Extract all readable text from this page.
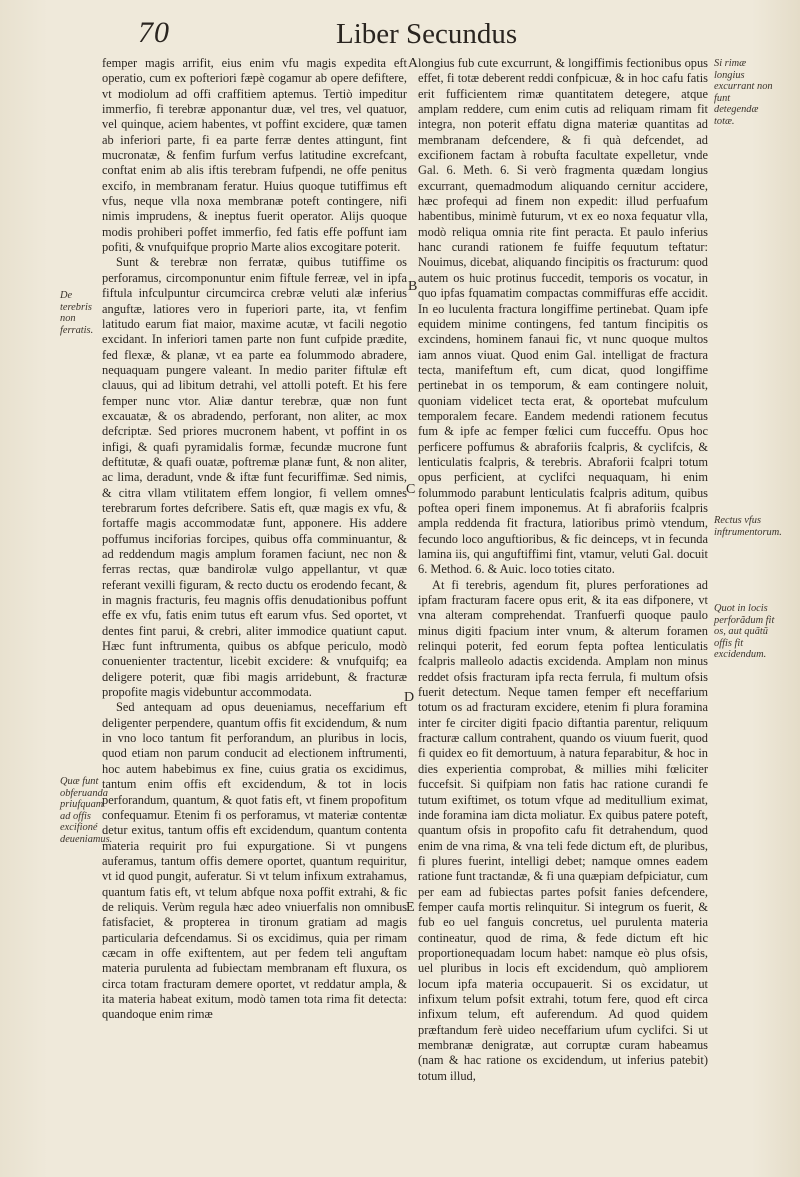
70	Liber Secundus

femper magis arrifit, eius enim vfu magis expedita eft operatio, cum ex pofteriori fæpè cogamur ab opere defiftere, vt modiolum ad offi craffitiem aptemus. Tertiò impeditur immerfio, fi terebræ apponantur duæ, vel tres, vel quatuor, vel quinque, aciem habentes, vt poffint excidere, quæ tamen ab inferiori parte, fi ea parte ferræ dentes attingunt, fint mucronatæ, & fenfim furfum verfus latitudine excrefcant, conftat enim ab alis iftis terebram fufpendi, ne offe penitus excifo, in membranam feratur. Huius quoque tutiffimus eft vfus, neque vlla noxa membranæ poteft contingere, nifi nimis imprudens, & ineptus fuerit operator. Alijs quoque modis prohiberi poffet immerfio, fed fatis effe poffunt iam pofiti, & vnufquifque proprio Marte alios excogitare poterit.

Sunt & terebræ non ferratæ, quibus tutiffime os perforamus, circomponuntur enim fiftule ferreæ, vel in ipfa fiftula infculpuntur circumcirca crebræ veluti alæ inferius anguftæ, latiores vero in fuperiori parte, ita, vt fenfim latitudo earum fiat maior, maxime acutæ, vt facili negotio excidant. In inferiori tamen parte non funt cufpide prædite, fed flexæ, & planæ, vt ea parte ea folummodo abradere, nequaquam pungere valeant. In medio pariter fiftulæ eft clauus, qui ad libitum detrahi, vel attolli poteft. Et his fere femper nunc vtor. Aliæ dantur terebræ, quæ non funt excauatæ, & os abradendo, perforant, non aliter, ac mox defcriptæ. Sed priores mucronem habent, vt poffint in os infigi, & quafi pyramidalis formæ, fecundæ mucrone funt deftitutæ, & quafi ouatæ, poftremæ planæ funt, & non aliter, ac lima, deradunt, vnde & iftæ funt fecuriffimæ. Sed nimis, & citra vllam vtilitatem effem longior, fi vellem omnes terebrarum fortes defcribere. Satis eft, quæ magis ex vfu, & fortaffe magis accommodatæ funt, apponere. His addere poffumus inciforias forcipes, quibus offa comminuantur, & ad reddendum magis amplum foramen faciunt, nec non & ferras rectas, quæ bandirolæ vulgo appellantur, vt quæ referant vexilli figuram, & recto ductu os erodendo fecant, & in magnis fracturis, feu magnis offis denudationibus poffunt effe ex vfu, fatis enim tutus eft earum vfus. Sed oportet, vt dentes fint parui, & crebri, aliter immodice quatiunt caput. Hæc funt inftrumenta, quibus os abfque periculo, modò conuenienter tractentur, licebit excidere: & vnufquifq; ea deligere poterit, quæ fibi magis arridebunt, & fracturæ propofite magis videbuntur accommodata.

Sed antequam ad opus deueniamus, neceffarium eft deligenter perpendere, quantum offis fit excidendum, & num in vno loco tantum fit perforandum, an pluribus in locis, quod etiam non parum conducit ad electionem inftrumenti, hoc autem habebimus ex fine, cuius gratia os excidimus, tantum enim offis eft excidendum, & tot in locis perforandum, quantum, & quot fatis eft, vt finem propofitum confequamur. Etenim fi os perforamus, vt materiæ contentæ detur exitus, tantum offis eft excidendum, quantum contenta materia requirit pro fui expurgatione. Si vt pungens auferamus, tantum offis demere oportet, quantum requiritur, vt id quod pungit, auferatur. Si vt telum infixum extrahamus, quantum fatis eft, vt telum abfque noxa poffit extrahi, & fic de reliquis. Verùm regula hæc adeo vniuerfalis non omnibus fatisfaciet, & propterea in tironum gratiam ad magis particularia defcendamus. Si os excidimus, quia per rimam cæcam in offe exiftentem, aut per fedem teli anguftam materia purulenta ad fubiectam membranam eft fluxura, os circa totam fracturam demere oportet, vt reddatur ampla, & ita materia habeat exitum, modò tamen tota rima fit detecta: quandoque enim rimæ

longius fub cute excurrunt, & longiffimis fectionibus opus effet, fi totæ deberent reddi confpicuæ, & in hoc cafu fatis erit fufficientem rimæ quantitatem detegere, atque amplam reddere, cum enim cutis ad reliquam rimam fit integra, non poterit effatu digna materiæ quantitas ad membranam defcendere, & fi quà defcendet, ad excifionem factam à robufta facultate expelletur, vnde Gal. 6. Meth. 6. Si verò fragmenta quædam longius excurrant, quemadmodum aliquando cernitur accidere, hæc profequi ad finem non expedit: illud perfuafum habentibus, minimè futurum, vt ex eo noxa fequatur vlla, modò reliqua omnia rite fint peracta. Et paulo inferius hanc curandi rationem fe fuiffe fequutum teftatur: Nouimus, dicebat, aliquando fincipitis os fracturum: quod autem os huic protinus fuccedit, temporis os vocatur, in quo ipfas fquamatim compactas commiffuras effe accidit. In eo luculenta fractura longiffime pertinebat. Quam ipfe equidem minime contingens, fed tantum fincipitis os excindens, hominem fanaui fic, vt nunc quoque multos iam annos viuat. Quod enim Gal. intelligat de fractura tecta, manifeftum eft, cum dicat, quod longiffime pertinebat in os temporum, & eam contingere noluit, quoniam videlicet tecta erat, & oportebat mufculum temporalem fecare. Eandem medendi rationem fecutus fum & ipfe ac femper fœlici cum fucceffu. Opus hoc perficere poffumus & abraforiis fcalpris, & cyclifcis, & lenticulatis fcalpris, & terebris. Abraforii fcalpri totum opus perficient, at cyclifci nequaquam, hi enim folummodo parabunt lenticulatis fcalpris aditum, quibus poftea operi finem imponemus. At fi abraforiis fcalpris ampla reddenda fit fractura, latioribus primò vtendum, fecundo loco anguftioribus, & fic deinceps, vt in fecunda lamina iis, qui anguftiffimi fint, vtamur, veluti Gal. docuit 6. Method. 6. & Auic. loco toties citato.

At fi terebris, agendum fit, plures perforationes ad ipfam fracturam facere opus erit, & ita eas difponere, vt vna alteram comprehendat. Tranfuerfi quoque paulo minus digiti fpacium inter vnum, & alterum foramen relinqui poterit, fed eorum fepta poftea lenticulatis fcalpris malleolo adactis excidenda. Amplam non minus reddet ofsis fracturam ipfa recta ferrula, fi multum ofsis fuerit detectum. Neque tamen femper eft neceffarium totum os ad fracturam excidere, etenim fi plura foramina inter fe circiter digiti fpacio diftantia parentur, reliquum fracturæ callum contrahent, quando os viuum fuerit, quod fi quidex eo fit demortuum, à natura feparabitur, & hoc in dies experientia comprobat, & millies mihi fœliciter fuccefsit. Si quifpiam non fatis hac ratione curandi fe tutum exiftimet, os totum vfque ad meditullium eximat, inde foramina iam dicta moliatur. Ex quibus patere poteft, quantum ofsis in propofito cafu fit detrahendum, quod enim de vna rima, & vna teli fede dictum eft, de pluribus, fi plures fuerint, intelligi debet; namque omnes eadem ratione funt tractandæ, & fi una quæpiam defpiciatur, cum per eam ad fubiectas partes pofsit fanies defcendere, femper caufa mortis relinquitur. Si integrum os fuerit, & fub eo uel fanguis concretus, uel purulenta materia contineatur, quod de rima, & fede dictum eft hic proportionequadam locum habet: namque eò plus ofsis, uel pluribus in locis eft excidendum, quò ampliorem locum ipfa materia occupauerit. Si os excidatur, ut infixum telum pofsit extrahi, totum fere, quod eft circa infixum telum, eft auferendum. Ad quod quidem præftandum ferè uideo neceffarium ufum cyclifci. Si ut membranæ denigratæ, aut corruptæ curam habeamus (nam & hac ratione os excidendum, ut inferius patebit) totum illud,

A
B
C
D
E
De terebris non ferratis.
Quæ funt obferuanda priufquam ad offis excifioné deueniamus.
Si rimæ longius excurrant non funt detegendæ totæ.
Rectus vfus inftrumentorum.
Quot in locis perforãdum fit os, aut quãtũ offis fit excidendum.
